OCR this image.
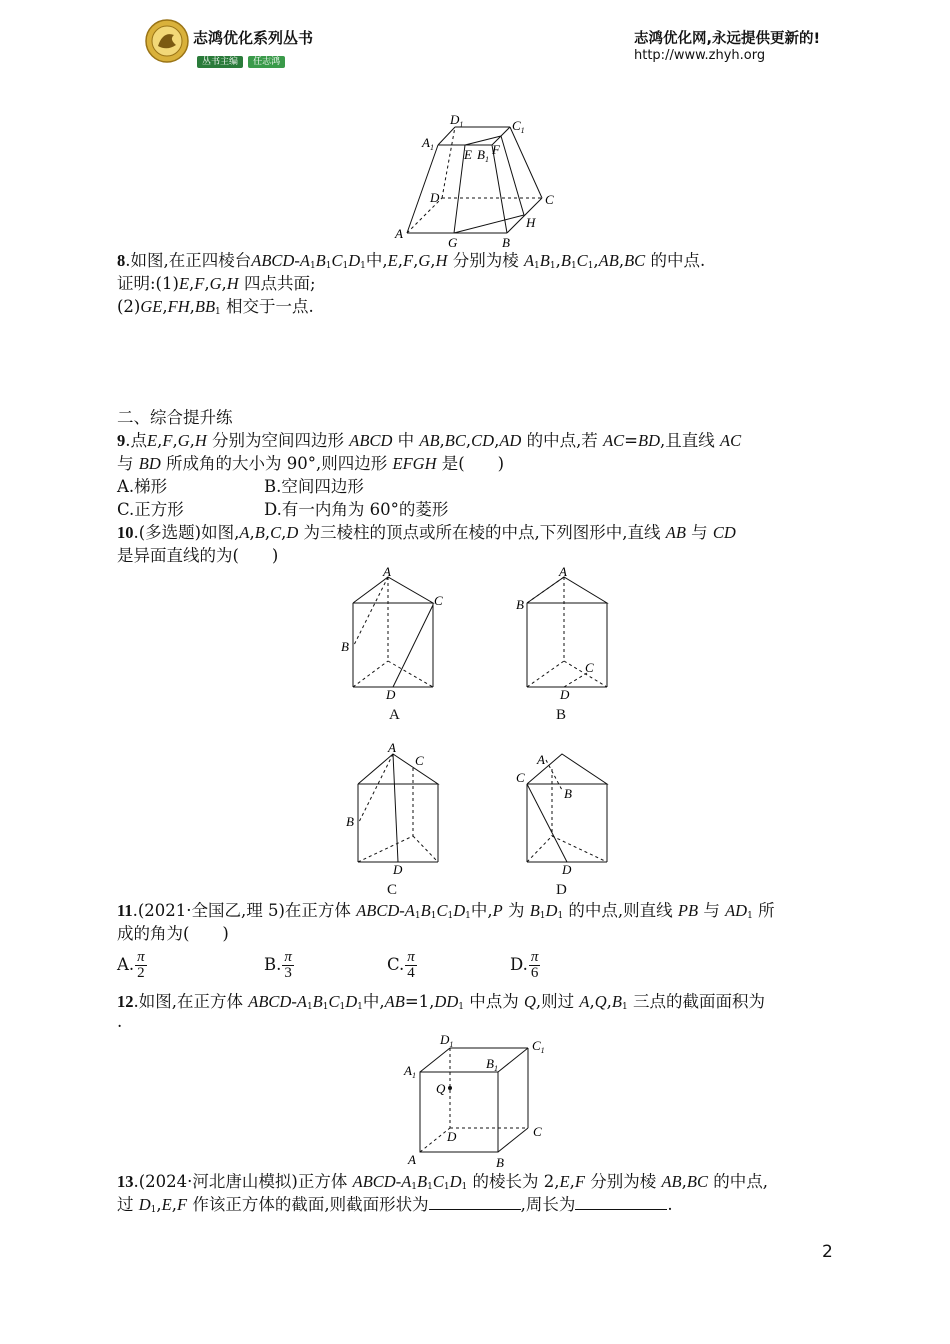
志鸿优化系列丛书
丛书主编 任志鸿
志鸿优化网,永远提供更新的!
http://www.zhyh.org
$D_1$	$C_1$
$A_1$ E $B_1$
F
D	C
H
A
G	B
8.如图,在正四棱台ABCD-$A_1B_1C_1D_1$中,E,F,G,H 分别为棱 $A_1B_1,B_1C_1,AB,BC$ 的中点.
证明:(1)E,F,G,H 四点共面;
$(2)GE,FH,BB_1$ 相交于一点.
二、综合提升练
9.点E,F,G,H 分别为空间四边形 ABCD 中 AB,BC,CD,AD 的中点,若 AC=BD,且直线 AC
与 BD 所成角的大小为 90°,则四边形 EFGH 是(　　)
A.梯形	B.空间四边形
C.正方形	D.有一内角为 60°的菱形
10.(多选题)如图,A,B,C,D 为三棱柱的顶点或所在棱的中点,下列图形中,直线 AB 与 CD
是异面直线的为(　　)
A
C
B
D
A
A
B
C
D
B
A
C
B
D
C
A
C
B
D
D
11.(2021·全国乙,理 5)在正方体 ABCD-$A_1B_1C_1D_1$中,P 为 $B_1D_1$ 的中点,则直线 PB 与 $AD_1$ 所
成的角为(　　)
A. $\frac{\pi}{2}$	B. $\frac{\pi}{3}$	C. $\frac{\pi}{4}$	D. $\frac{\pi}{6}$
12.如图,在正方体 ABCD-$A_1B_1C_1D_1$中$,AB=1,DD_1$ 中点为 Q,则过 $A,Q,B_1$ 三点的截面面积为
.
$D_1$	$C_1$
$A_1$
$B_1$
Q
D	C
A	B
13.(2024·河北唐山模拟)正方体 ABCD-$A_1B_1C_1D_1$ 的棱长为 2,E,F 分别为棱 AB,BC 的中点,
过 $D_1,E,F$ 作该正方体的截面,则截面形状为	,周长为	.
2
